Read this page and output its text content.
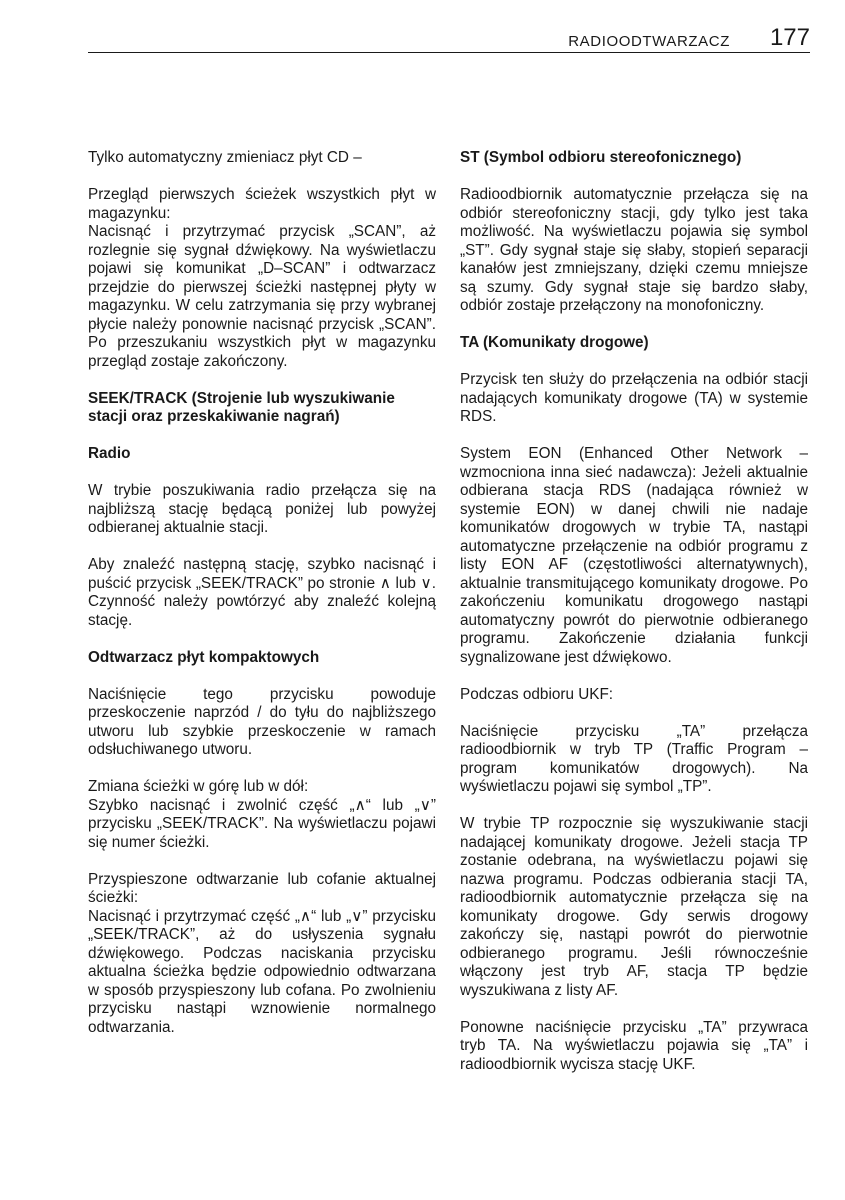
RADIOODTWARZACZ 177

Tylko automatyczny zmieniacz płyt CD –

Przegląd pierwszych ścieżek wszystkich płyt w magazynku:

Nacisnąć i przytrzymać przycisk „SCAN”, aż rozlegnie się sygnał dźwiękowy. Na wyświetlaczu pojawi się komunikat „D–SCAN” i odtwarzacz przejdzie do pierwszej ścieżki następnej płyty w magazynku. W celu zatrzymania się przy wybranej płycie należy ponownie nacisnąć przycisk „SCAN”. Po przeszukaniu wszystkich płyt w magazynku przegląd zostaje zakończony.

SEEK/TRACK (Strojenie lub wyszukiwanie stacji oraz przeskakiwanie nagrań)

Radio

W trybie poszukiwania radio przełącza się na najbliższą stację będącą poniżej lub powyżej odbieranej aktualnie stacji.

Aby znaleźć następną stację, szybko nacisnąć i puścić przycisk „SEEK/TRACK” po stronie ∧ lub ∨. Czynność należy powtórzyć aby znaleźć kolejną stację.

Odtwarzacz płyt kompaktowych

Naciśnięcie tego przycisku powoduje przeskoczenie naprzód / do tyłu do najbliższego utworu lub szybkie przeskoczenie w ramach odsłuchiwanego utworu.

Zmiana ścieżki w górę lub w dół:

Szybko nacisnąć i zwolnić część „∧“ lub „∨” przycisku „SEEK/TRACK”. Na wyświetlaczu pojawi się numer ścieżki.

Przyspieszone odtwarzanie lub cofanie aktualnej ścieżki:

Nacisnąć i przytrzymać część „∧“ lub „∨” przycisku „SEEK/TRACK”, aż do usłyszenia sygnału dźwiękowego. Podczas naciskania przycisku aktualna ścieżka będzie odpowiednio odtwarzana w sposób przyspieszony lub cofana. Po zwolnieniu przycisku nastąpi wznowienie normalnego odtwarzania.

ST (Symbol odbioru stereofonicznego)

Radioodbiornik automatycznie przełącza się na odbiór stereofoniczny stacji, gdy tylko jest taka możliwość. Na wyświetlaczu pojawia się symbol „ST”. Gdy sygnał staje się słaby, stopień separacji kanałów jest zmniejszany, dzięki czemu mniejsze są szumy. Gdy sygnał staje się bardzo słaby, odbiór zostaje przełączony na monofoniczny.

TA (Komunikaty drogowe)

Przycisk ten służy do przełączenia na odbiór stacji nadających komunikaty drogowe (TA) w systemie RDS.

System EON (Enhanced Other Network – wzmocniona inna sieć nadawcza): Jeżeli aktualnie odbierana stacja RDS (nadająca również w systemie EON) w danej chwili nie nadaje komunikatów drogowych w trybie TA, nastąpi automatyczne przełączenie na odbiór programu z listy EON AF (częstotliwości alternatywnych), aktualnie transmitującego komunikaty drogowe. Po zakończeniu komunikatu drogowego nastąpi automatyczny powrót do pierwotnie odbieranego programu. Zakończenie działania funkcji sygnalizowane jest dźwiękowo.

Podczas odbioru UKF:

Naciśnięcie przycisku „TA” przełącza radioodbiornik w tryb TP (Traffic Program – program komunikatów drogowych). Na wyświetlaczu pojawi się symbol „TP”.

W trybie TP rozpocznie się wyszukiwanie stacji nadającej komunikaty drogowe. Jeżeli stacja TP zostanie odebrana, na wyświetlaczu pojawi się nazwa programu. Podczas odbierania stacji TA, radioodbiornik automatycznie przełącza się na komunikaty drogowe. Gdy serwis drogowy zakończy się, nastąpi powrót do pierwotnie odbieranego programu. Jeśli równocześnie włączony jest tryb AF, stacja TP będzie wyszukiwana z listy AF.

Ponowne naciśnięcie przycisku „TA” przywraca tryb TA. Na wyświetlaczu pojawia się „TA” i radioodbiornik wycisza stację UKF.
